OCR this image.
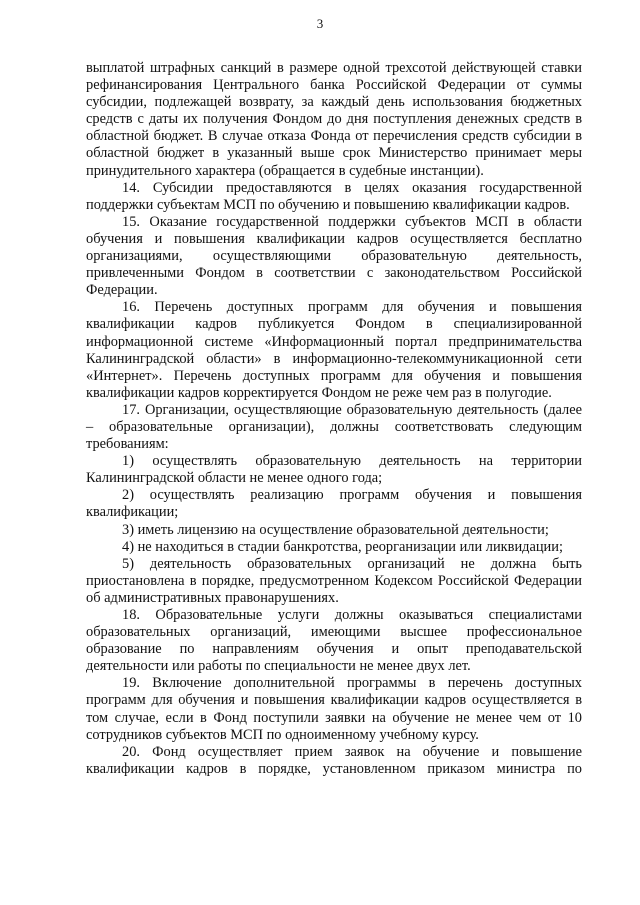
3

выплатой штрафных санкций в размере одной трехсотой действующей ставки рефинансирования Центрального банка Российской Федерации от суммы субсидии, подлежащей возврату, за каждый день использования бюджетных средств с даты их получения Фондом до дня поступления денежных средств в областной бюджет. В случае отказа Фонда от перечисления средств субсидии в областной бюджет в указанный выше срок Министерство принимает меры принудительного характера (обращается в судебные инстанции).

14. Субсидии предоставляются в целях оказания государственной поддержки субъектам МСП по обучению и повышению квалификации кадров.

15. Оказание государственной поддержки субъектов МСП в области обучения и повышения квалификации кадров осуществляется бесплатно организациями, осуществляющими образовательную деятельность, привлеченными Фондом в соответствии с законодательством Российской Федерации.

16. Перечень доступных программ для обучения и повышения квалификации кадров публикуется Фондом в специализированной информационной системе «Информационный портал предпринимательства Калининградской области» в информационно-телекоммуникационной сети «Интернет». Перечень доступных программ для обучения и повышения квалификации кадров корректируется Фондом не реже чем раз в полугодие.

17. Организации, осуществляющие образовательную деятельность (далее – образовательные организации), должны соответствовать следующим требованиям:

1) осуществлять образовательную деятельность на территории Калининградской области не менее одного года;

2) осуществлять реализацию программ обучения и повышения квалификации;

3) иметь лицензию на осуществление образовательной деятельности;

4) не находиться в стадии банкротства, реорганизации или ликвидации;

5) деятельность образовательных организаций не должна быть приостановлена в порядке, предусмотренном Кодексом Российской Федерации об административных правонарушениях.

18. Образовательные услуги должны оказываться специалистами образовательных организаций, имеющими высшее профессиональное образование по направлениям обучения и опыт преподавательской деятельности или работы по специальности не менее двух лет.

19. Включение дополнительной программы в перечень доступных программ для обучения и повышения квалификации кадров осуществляется в том случае, если в Фонд поступили заявки на обучение не менее чем от 10 сотрудников субъектов МСП по одноименному учебному курсу.

20. Фонд осуществляет прием заявок на обучение и повышение квалификации кадров в порядке, установленном приказом министра по
